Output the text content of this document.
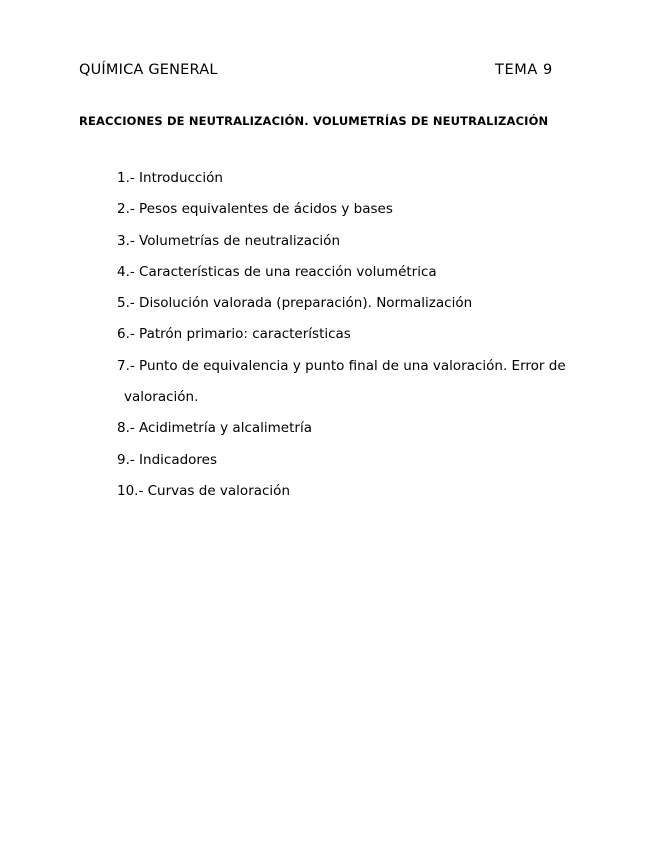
QUÍMICA GENERAL	TEMA 9
REACCIONES DE NEUTRALIZACIÓN. VOLUMETRÍAS DE NEUTRALIZACIÓN
1.- Introducción
2.- Pesos equivalentes de ácidos y bases
3.- Volumetrías de neutralización
4.- Características de una reacción volumétrica
5.- Disolución valorada (preparación). Normalización
6.- Patrón primario: características
7.- Punto de equivalencia y punto final de una valoración. Error de
valoración.
8.- Acidimetría y alcalimetría
9.- Indicadores
10.- Curvas de valoración
